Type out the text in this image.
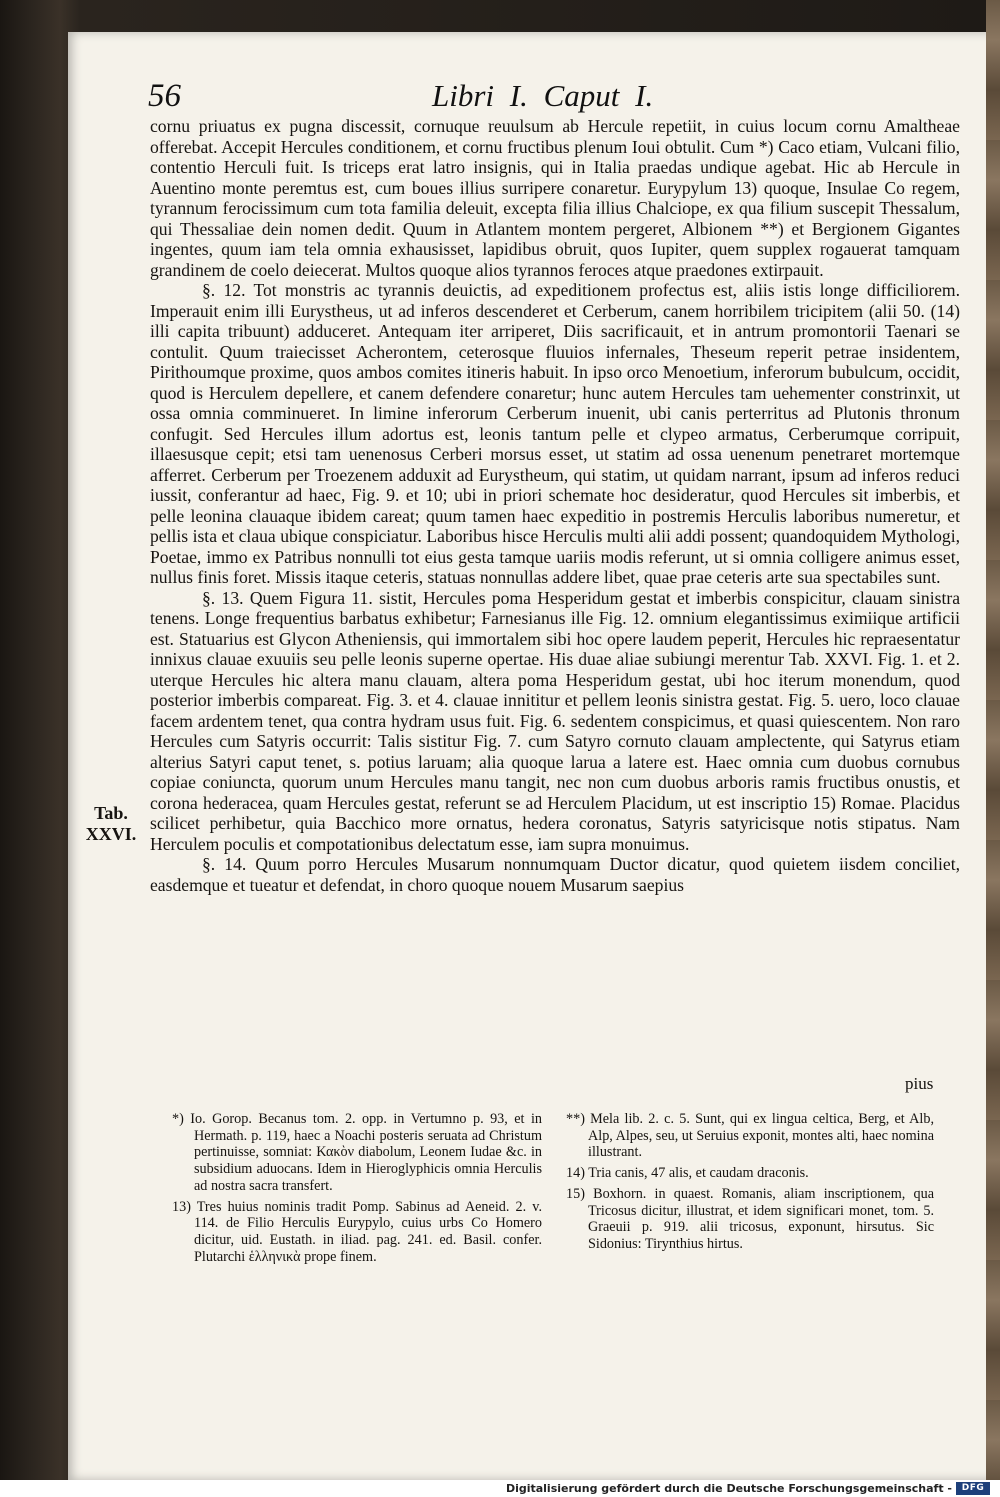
56	Libri I. Caput I.

cornu priuatus ex pugna discessit, cornuque reuulsum ab Hercule repetiit, in cuius locum cornu Amaltheae offerebat. Accepit Hercules conditionem, et cornu fructibus plenum Ioui obtulit. Cum *) Caco etiam, Vulcani filio, contentio Herculi fuit. Is triceps erat latro insignis, qui in Italia praedas undique agebat. Hic ab Hercule in Auentino monte peremtus est, cum boues illius surripere conaretur. Eurypylum 13) quoque, Insulae Co regem, tyrannum ferocissimum cum tota familia deleuit, excepta filia illius Chalciope, ex qua filium suscepit Thessalum, qui Thessaliae dein nomen dedit. Quum in Atlantem montem pergeret, Albionem **) et Bergionem Gigantes ingentes, quum iam tela omnia exhausisset, lapidibus obruit, quos Iupiter, quem supplex rogauerat tamquam grandinem de coelo deiecerat. Multos quoque alios tyrannos feroces atque praedones extirpauit.

§. 12. Tot monstris ac tyrannis deuictis, ad expeditionem profectus est, aliis istis longe difficiliorem. Imperauit enim illi Eurystheus, ut ad inferos descenderet et Cerberum, canem horribilem tricipitem (alii 50. (14) illi capita tribuunt) adduceret. Antequam iter arriperet, Diis sacrificauit, et in antrum promontorii Taenari se contulit. Quum traiecisset Acherontem, ceterosque fluuios infernales, Theseum reperit petrae insidentem, Pirithoumque proxime, quos ambos comites itineris habuit. In ipso orco Menoetium, inferorum bubulcum, occidit, quod is Herculem depellere, et canem defendere conaretur; hunc autem Hercules tam uehementer constrinxit, ut ossa omnia comminueret. In limine inferorum Cerberum inuenit, ubi canis perterritus ad Plutonis thronum confugit. Sed Hercules illum adortus est, leonis tantum pelle et clypeo armatus, Cerberumque corripuit, illaesusque cepit; etsi tam uenenosus Cerberi morsus esset, ut statim ad ossa uenenum penetraret mortemque afferret. Cerberum per Troezenem adduxit ad Eurystheum, qui statim, ut quidam narrant, ipsum ad inferos reduci iussit, conferantur ad haec, Fig. 9. et 10; ubi in priori schemate hoc desideratur, quod Hercules sit imberbis, et pelle leonina clauaque ibidem careat; quum tamen haec expeditio in postremis Herculis laboribus numeretur, et pellis ista et claua ubique conspiciatur. Laboribus hisce Herculis multi alii addi possent; quandoquidem Mythologi, Poetae, immo ex Patribus nonnulli tot eius gesta tamque uariis modis referunt, ut si omnia colligere animus esset, nullus finis foret. Missis itaque ceteris, statuas nonnullas addere libet, quae prae ceteris arte sua spectabiles sunt.

§. 13. Quem Figura 11. sistit, Hercules poma Hesperidum gestat et imberbis conspicitur, clauam sinistra tenens. Longe frequentius barbatus exhibetur; Farnesianus ille Fig. 12. omnium elegantissimus eximiique artificii est. Statuarius est Glycon Atheniensis, qui immortalem sibi hoc opere laudem peperit, Hercules hic repraesentatur innixus clauae exuuiis seu pelle leonis superne opertae. His duae aliae subiungi merentur Tab. XXVI. Fig. 1. et 2. uterque Hercules hic altera manu clauam, altera poma Hesperidum gestat, ubi hoc iterum monendum, quod posterior imberbis compareat. Fig. 3. et 4. clauae innititur et pellem leonis sinistra gestat. Fig. 5. uero, loco clauae facem ardentem tenet, qua contra hydram usus fuit. Fig. 6. sedentem conspicimus, et quasi quiescentem. Non raro Hercules cum Satyris occurrit: Talis sistitur Fig. 7. cum Satyro cornuto clauam amplectente, qui Satyrus etiam alterius Satyri caput tenet, s. potius laruam; alia quoque larua a latere est. Haec omnia cum duobus cornubus copiae coniuncta, quorum unum Hercules manu tangit, nec non cum duobus arboris ramis fructibus onustis, et corona hederacea, quam Hercules gestat, referunt se ad Herculem Placidum, ut est inscriptio 15) Romae. Placidus scilicet perhibetur, quia Bacchico more ornatus, hedera coronatus, Satyris satyricisque notis stipatus. Nam Herculem poculis et compotationibus delectatum esse, iam supra monuimus.

§. 14. Quum porro Hercules Musarum nonnumquam Ductor dicatur, quod quietem iisdem conciliet, easdemque et tueatur et defendat, in choro quoque nouem Musarum saepius

pius
Tab.
XXVI.

*) Io. Gorop. Becanus tom. 2. opp. in Vertumno p. 93, et in Hermath. p. 119, haec a Noachi posteris seruata ad Christum pertinuisse, somniat: Κακὸν diabolum, Leonem Iudae &c. in subsidium aduocans. Idem in Hieroglyphicis omnia Herculis ad nostra sacra transfert.

13) Tres huius nominis tradit Pomp. Sabinus ad Aeneid. 2. v. 114. de Filio Herculis Eurypylo, cuius urbs Co Homero dicitur, uid. Eustath. in iliad. pag. 241. ed. Basil. confer. Plutarchi ἑλληνικὰ prope finem.

**) Mela lib. 2. c. 5. Sunt, qui ex lingua celtica, Berg, et Alb, Alp, Alpes, seu, ut Seruius exponit, montes alti, haec nomina illustrant.

14) Tria canis, 47 alis, et caudam draconis.

15) Boxhorn. in quaest. Romanis, aliam inscriptionem, qua Tricosus dicitur, illustrat, et idem significari monet, tom. 5. Graeuii p. 919. alii tricosus, exponunt, hirsutus. Sic Sidonius: Tirynthius hirtus.

Digitalisierung gefördert durch die Deutsche Forschungsgemeinschaft -	DFG
